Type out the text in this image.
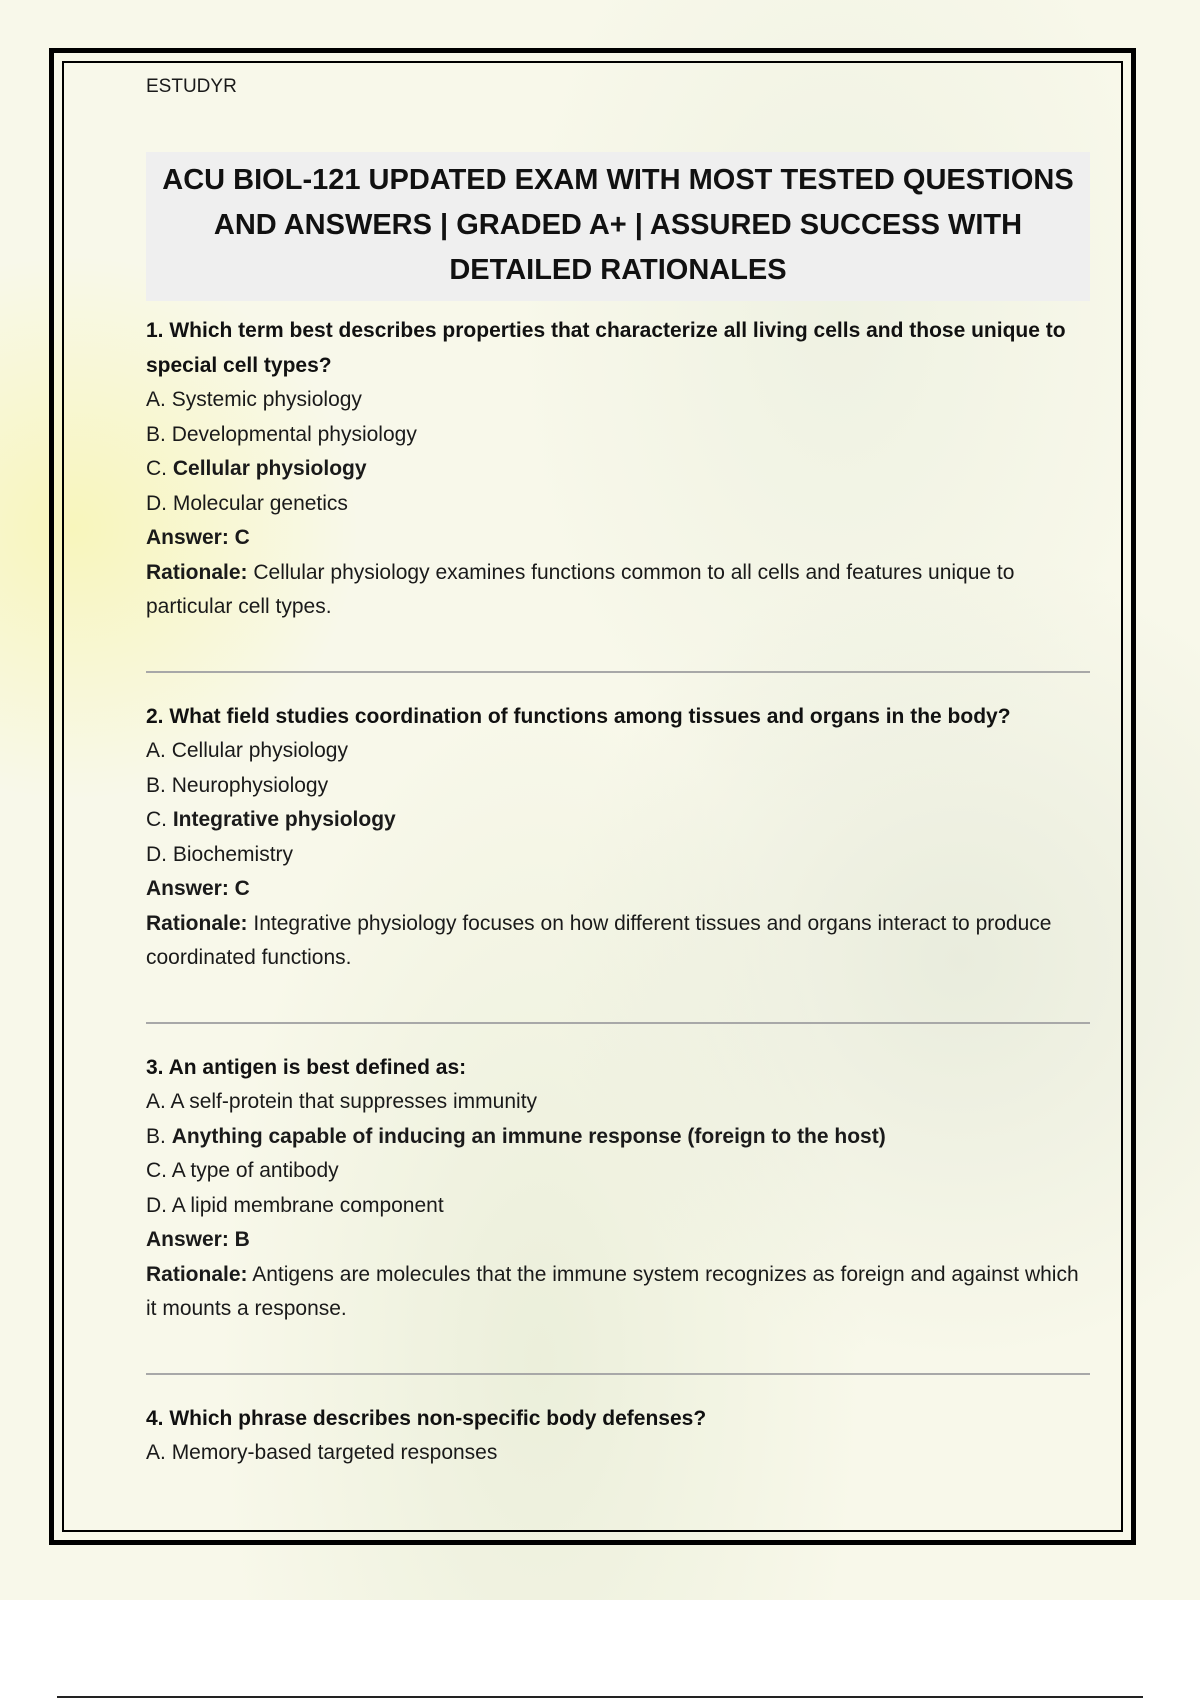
ESTUDYR
ACU BIOL-121 UPDATED EXAM WITH MOST TESTED QUESTIONS AND ANSWERS | GRADED A+ | ASSURED SUCCESS WITH DETAILED RATIONALES
1. Which term best describes properties that characterize all living cells and those unique to special cell types?
A. Systemic physiology
B. Developmental physiology
C. Cellular physiology
D. Molecular genetics
Answer: C
Rationale: Cellular physiology examines functions common to all cells and features unique to particular cell types.
2. What field studies coordination of functions among tissues and organs in the body?
A. Cellular physiology
B. Neurophysiology
C. Integrative physiology
D. Biochemistry
Answer: C
Rationale: Integrative physiology focuses on how different tissues and organs interact to produce coordinated functions.
3. An antigen is best defined as:
A. A self-protein that suppresses immunity
B. Anything capable of inducing an immune response (foreign to the host)
C. A type of antibody
D. A lipid membrane component
Answer: B
Rationale: Antigens are molecules that the immune system recognizes as foreign and against which it mounts a response.
4. Which phrase describes non-specific body defenses?
A. Memory-based targeted responses
